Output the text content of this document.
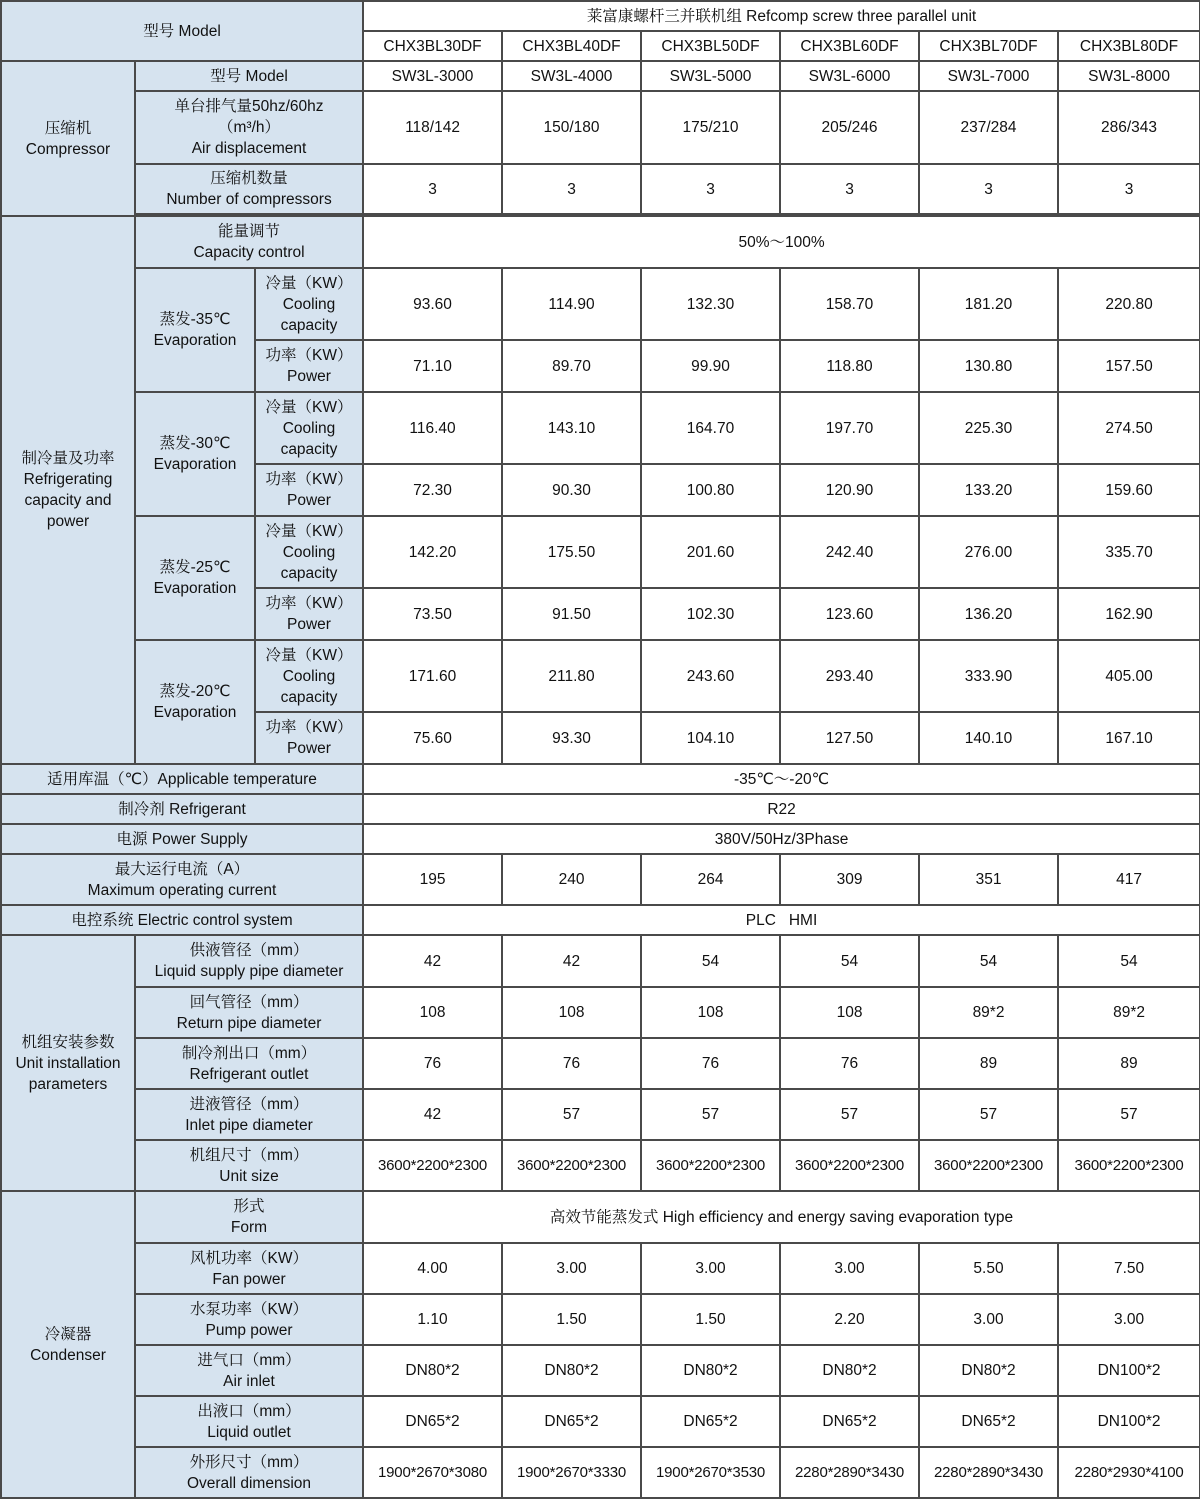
型号 Model			莱富康螺杆三并联机组 Refcomp screw three parallel unit					
			CHX3BL30DF	CHX3BL40DF	CHX3BL50DF	CHX3BL60DF	CHX3BL70DF	CHX3BL80DF

压缩机
Compressor	型号 Model		SW3L-3000	SW3L-4000	SW3L-5000	SW3L-6000	SW3L-7000	SW3L-8000

	单台排气量50hz/60hz
（m³/h）
Air displacement		118/142	150/180	175/210	205/246	237/284	286/343

	压缩机数量
Number of compressors		3	3	3	3	3	3

制冷量及功率
Refrigerating
capacity and
power	能量调节
Capacity control		50%～100%					

	蒸发-35℃
Evaporation	冷量（KW）
Cooling
capacity	93.60	114.90	132.30	158.70	181.20	220.80

		功率（KW）
Power	71.10	89.70	99.90	118.80	130.80	157.50

	蒸发-30℃
Evaporation	冷量（KW）
Cooling
capacity	116.40	143.10	164.70	197.70	225.30	274.50

		功率（KW）
Power	72.30	90.30	100.80	120.90	133.20	159.60

	蒸发-25℃
Evaporation	冷量（KW）
Cooling
capacity	142.20	175.50	201.60	242.40	276.00	335.70

		功率（KW）
Power	73.50	91.50	102.30	123.60	136.20	162.90

	蒸发-20℃
Evaporation	冷量（KW）
Cooling
capacity	171.60	211.80	243.60	293.40	333.90	405.00

		功率（KW）
Power	75.60	93.30	104.10	127.50	140.10	167.10
适用库温（℃）Applicable temperature			-35℃～-20℃					
制冷剂 Refrigerant			R22					
电源 Power Supply			380V/50Hz/3Phase					

最大运行电流（A）
Maximum operating current			195	240	264	309	351	417
电控系统 Electric control system			PLC   HMI					

机组安装参数
Unit installation
parameters	供液管径（mm）
Liquid supply pipe diameter		42	42	54	54	54	54

	回气管径（mm）
Return pipe diameter		108	108	108	108	89*2	89*2

	制冷剂出口（mm）
Refrigerant outlet		76	76	76	76	89	89

	进液管径（mm）
Inlet pipe diameter		42	57	57	57	57	57

	机组尺寸（mm）
Unit size		3600*2200*2300	3600*2200*2300	3600*2200*2300	3600*2200*2300	3600*2200*2300	3600*2200*2300

冷凝器
Condenser	形式
Form		高效节能蒸发式 High efficiency and energy saving evaporation type					

	风机功率（KW）
Fan power		4.00	3.00	3.00	3.00	5.50	7.50

	水泵功率（KW）
Pump power		1.10	1.50	1.50	2.20	3.00	3.00

	进气口（mm）
Air inlet		DN80*2	DN80*2	DN80*2	DN80*2	DN80*2	DN100*2

	出液口（mm）
Liquid outlet		DN65*2	DN65*2	DN65*2	DN65*2	DN65*2	DN100*2

	外形尺寸（mm）
Overall dimension		1900*2670*3080	1900*2670*3330	1900*2670*3530	2280*2890*3430	2280*2890*3430	2280*2930*4100
